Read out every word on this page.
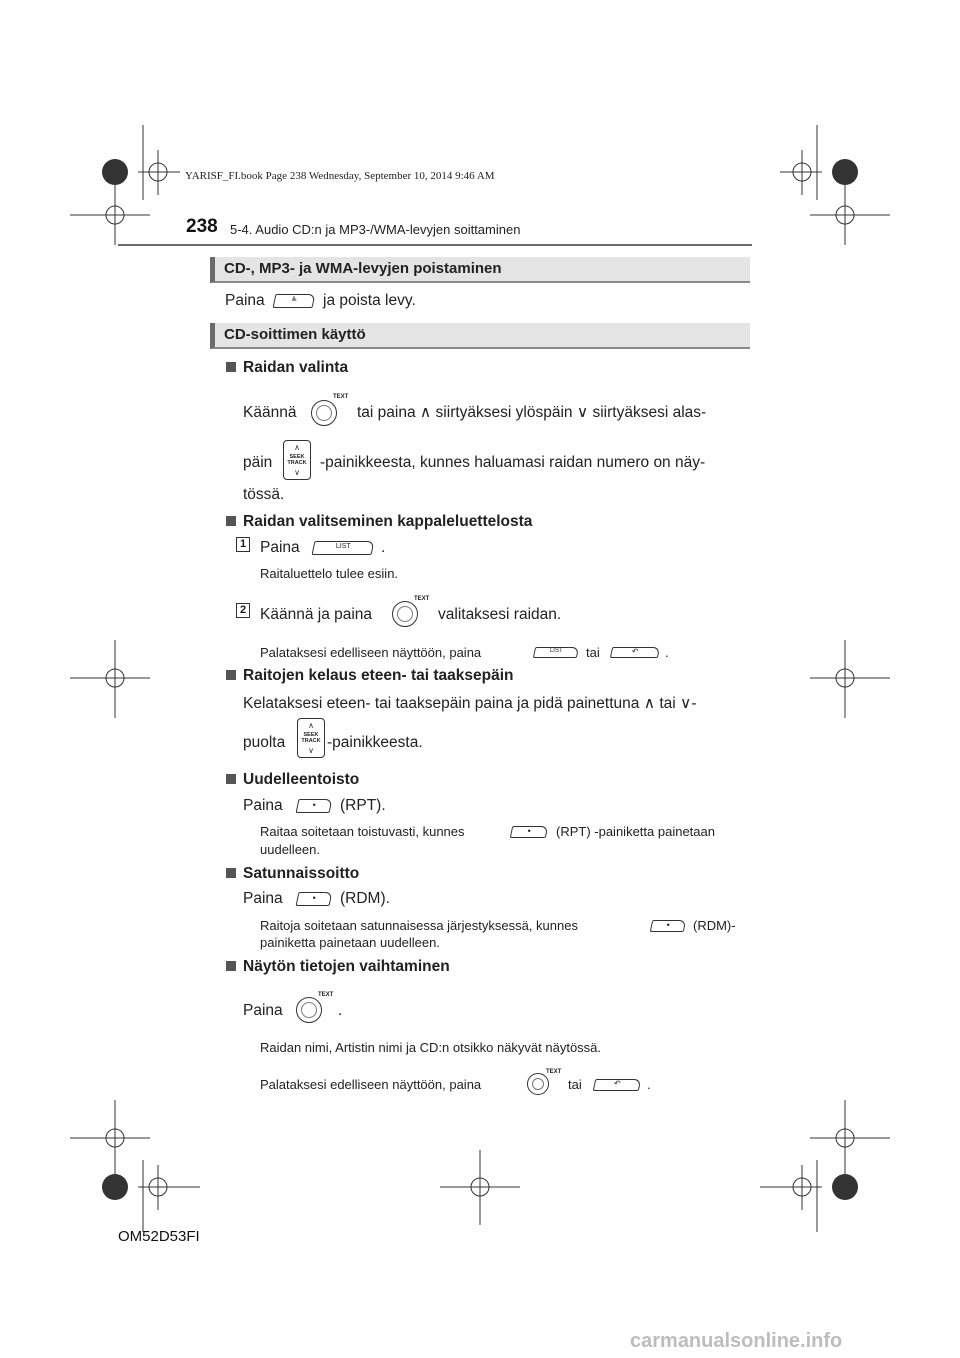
YARISF_FI.book Page 238 Wednesday, September 10, 2014 9:46 AM
238 5-4. Audio CD:n ja MP3-/WMA-levyjen soittaminen
CD-, MP3- ja WMA-levyjen poistaminen
Paina	≜	ja poista levy.
CD-soittimen käyttö
Raidan valinta
Käännä
TEXT
tai paina ∧ siirtyäksesi ylöspäin ∨ siirtyäksesi alas-
päin
∧
SEEK
TRACK
∨
-painikkeesta, kunnes haluamasi raidan numero on näy-
tössä.
Raidan valitseminen kappaleluettelosta
1 Paina	LIST	.
Raitaluettelo tulee esiin.
2 Käännä ja paina
TEXT
valitaksesi raidan.
Palataksesi edelliseen näyttöön, paina	LIST	tai	↶	.
Raitojen kelaus eteen- tai taaksepäin
Kelataksesi eteen- tai taaksepäin paina ja pidä painettuna ∧ tai ∨-
puolta
∧
SEEK
TRACK
∨ -painikkeesta.
Uudelleentoisto
Paina	•	(RPT).
Raitaa soitetaan toistuvasti, kunnes	•	(RPT) -painiketta painetaan
uudelleen.
Satunnaissoitto
Paina	•	(RDM).
Raitoja soitetaan satunnaisessa järjestyksessä, kunnes	•	(RDM)-
painiketta painetaan uudelleen.
Näytön tietojen vaihtaminen
Paina
TEXT
.
Raidan nimi, Artistin nimi ja CD:n otsikko näkyvät näytössä.
Palataksesi edelliseen näyttöön, paina
TEXT
tai	↶	.
OM52D53FI
carmanualsonline.info
